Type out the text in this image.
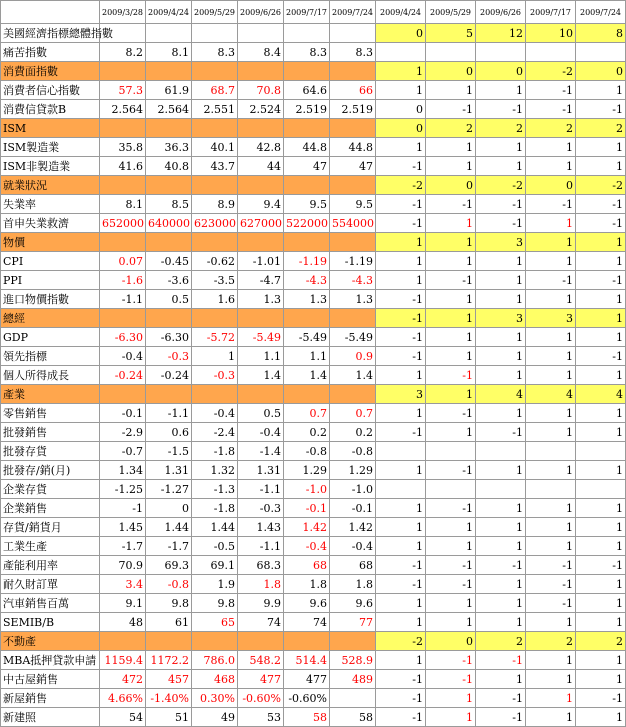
	2009/3/28	2009/4/24	2009/5/29	2009/6/26	2009/7/17	2009/7/24	2009/4/24	2009/5/29	2009/6/26	2009/7/17	2009/7/24
美國經濟指標總體指數							0	5	12	10	8
痛苦指數	8.2	8.1	8.3	8.4	8.3	8.3					
消費面指數							1	0	0	-2	0
消費者信心指數	57.3	61.9	68.7	70.8	64.6	66	1	1	1	-1	1
消費信貸款B	2.564	2.564	2.551	2.524	2.519	2.519	0	-1	-1	-1	-1
ISM							0	2	2	2	2
ISM製造業	35.8	36.3	40.1	42.8	44.8	44.8	1	1	1	1	1
ISM非製造業	41.6	40.8	43.7	44	47	47	-1	1	1	1	1
就業狀況							-2	0	-2	0	-2
失業率	8.1	8.5	8.9	9.4	9.5	9.5	-1	-1	-1	-1	-1
首申失業救濟	652000	640000	623000	627000	522000	554000	-1	1	-1	1	-1
物價							1	1	3	1	1
CPI	0.07	-0.45	-0.62	-1.01	-1.19	-1.19	1	1	1	1	1
PPI	-1.6	-3.6	-3.5	-4.7	-4.3	-4.3	1	-1	1	-1	-1
進口物價指數	-1.1	0.5	1.6	1.3	1.3	1.3	-1	1	1	1	1
總經							-1	1	3	3	1
GDP	-6.30	-6.30	-5.72	-5.49	-5.49	-5.49	-1	1	1	1	1
領先指標	-0.4	-0.3	1	1.1	1.1	0.9	-1	1	1	1	-1
個人所得成長	-0.24	-0.24	-0.3	1.4	1.4	1.4	1	-1	1	1	1
產業							3	1	4	4	4
零售銷售	-0.1	-1.1	-0.4	0.5	0.7	0.7	1	-1	1	1	1
批發銷售	-2.9	0.6	-2.4	-0.4	0.2	0.2	-1	1	-1	1	1
批發存貨	-0.7	-1.5	-1.8	-1.4	-0.8	-0.8					
批發存/銷(月)	1.34	1.31	1.32	1.31	1.29	1.29	1	-1	1	1	1
企業存貨	-1.25	-1.27	-1.3	-1.1	-1.0	-1.0					
企業銷售	-1	0	-1.8	-0.3	-0.1	-0.1	1	-1	1	1	1
存貨/銷貨月	1.45	1.44	1.44	1.43	1.42	1.42	1	1	1	1	1
工業生產	-1.7	-1.7	-0.5	-1.1	-0.4	-0.4	1	1	1	1	1
產能利用率	70.9	69.3	69.1	68.3	68	68	-1	-1	-1	-1	-1
耐久財訂單	3.4	-0.8	1.9	1.8	1.8	1.8	-1	-1	1	-1	1
汽車銷售百萬	9.1	9.8	9.8	9.9	9.6	9.6	1	1	1	-1	1
SEMIB/B	48	61	65	74	74	77	1	1	1	1	1
不動產							-2	0	2	2	2
MBA抵押貸款申請	1159.4	1172.2	786.0	548.2	514.4	528.9	1	-1	-1	1	1
中古屋銷售	472	457	468	477	477	489	-1	-1	1	1	1
新屋銷售	4.66%	-1.40%	0.30%	-0.60%	-0.60%		-1	1	-1	1	-1
新建照	54	51	49	53	58	58	-1	1	-1	1	1
